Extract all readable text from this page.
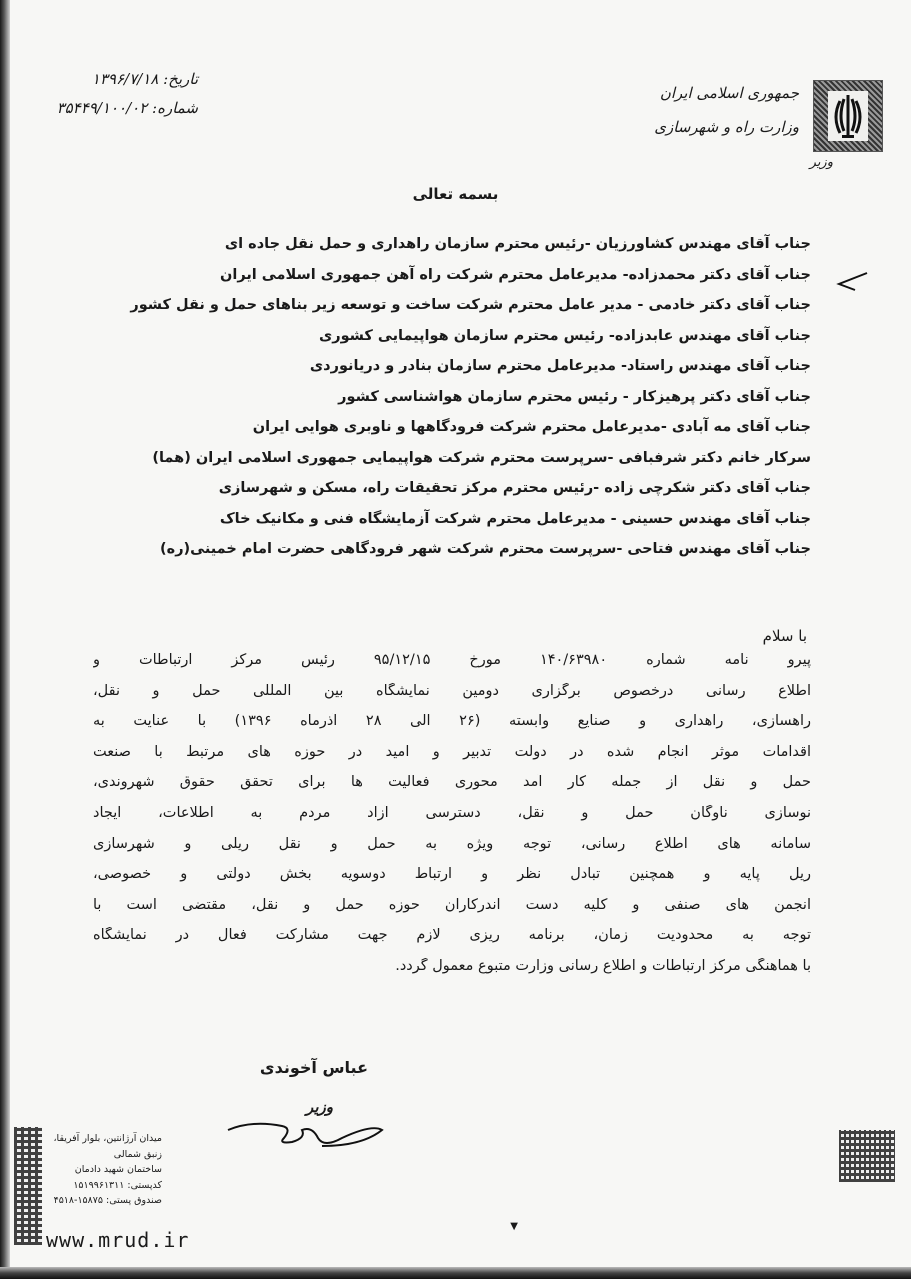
جمهوری اسلامی ایران
وزارت راه و شهرسازی
وزیر
تاریخ: ۱۳۹۶/۷/۱۸
شماره: ۳۵۴۴۹/۱۰۰/۰۲
بسمه تعالی
جناب آقای مهندس کشاورزیان -رئیس محترم سازمان راهداری و حمل نقل جاده ای
جناب آقای دکتر محمدزاده- مدیرعامل محترم شرکت راه آهن جمهوری اسلامی ایران
جناب آقای دکتر خادمی - مدیر عامل محترم شرکت ساخت و توسعه زیر بناهای حمل و نقل کشور
جناب آقای مهندس عابدزاده- رئیس محترم سازمان هواپیمایی کشوری
جناب آقای مهندس راستاد- مدیرعامل محترم سازمان بنادر و دریانوردی
جناب آقای دکتر پرهیزکار - رئیس محترم سازمان هواشناسی کشور
جناب آقای مه آبادی -مدیرعامل محترم شرکت فرودگاهها و ناوبری هوایی ایران
سرکار خانم دکتر شرفبافی -سرپرست محترم شرکت هواپیمایی جمهوری اسلامی ایران (هما)
جناب آقای دکتر شکرچی زاده -رئیس محترم مرکز تحقیقات راه، مسکن و شهرسازی
جناب آقای مهندس حسینی - مدیرعامل محترم شرکت آزمایشگاه فنی و مکانیک خاک
جناب آقای مهندس فتاحی -سرپرست محترم شرکت شهر فرودگاهی حضرت امام خمینی(ره)
با سلام

پیرو نامه شماره ۱۴۰/۶۳۹۸۰ مورخ ۹۵/۱۲/۱۵ رئیس مرکز ارتباطات و

اطلاع رسانی درخصوص برگزاری دومین نمایشگاه بین المللی حمل و نقل،

راهسازی، راهداری و صنایع وابسته (۲۶ الی ۲۸ آذرماه ۱۳۹۶) با عنایت به

اقدامات موثر انجام شده در دولت تدبیر و امید در حوزه های مرتبط با صنعت

حمل و نقل از جمله کار آمد محوری فعالیت ها برای تحقق حقوق شهروندی،

نوسازی ناوگان حمل و نقل، دسترسی آزاد مردم به اطلاعات، ایجاد

سامانه های اطلاع رسانی، توجه ویژه به حمل و نقل ریلی و شهرسازی

ریل پایه و همچنین تبادل نظر و ارتباط دوسویه بخش دولتی و خصوصی،

انجمن های صنفی و کلیه دست اندرکاران حوزه حمل و نقل، مقتضی است با

توجه به محدودیت زمان، برنامه ریزی لازم جهت مشارکت فعال در نمایشگاه

با هماهنگی مرکز ارتباطات و اطلاع رسانی وزارت متبوع معمول گردد.

عباس آخوندی
وزیر
میدان آرژانتین، بلوار آفریقا،
زنبق شمالی
ساختمان شهید دادمان
کدپستی: ۱۵۱۹۹۶۱۳۱۱
صندوق پستی: ۱۵۸۷۵-۴۵۱۸
www.mrud.ir
▼
